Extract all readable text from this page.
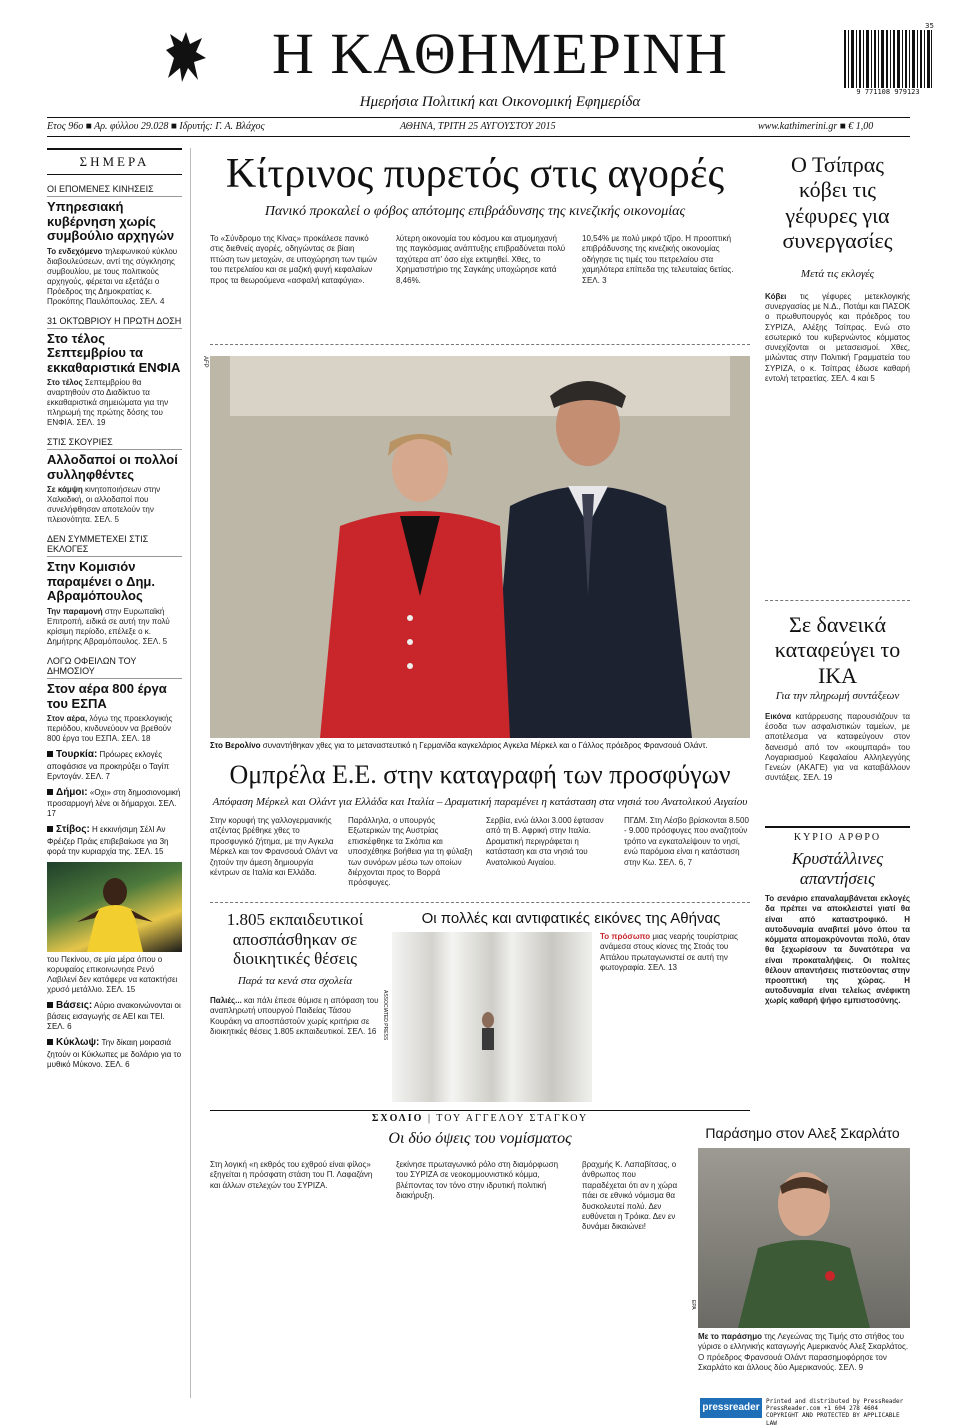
Η ΚΑΘΗΜΕΡΙΝΗ
Ημερήσια Πολιτική και Οικονομική Εφημερίδα
35
9 771108 979123
Ετος 96ο ■ Αρ. φύλλου 29.028 ■ Ιδρυτής: Γ. Α. Βλάχος	ΑΘΗΝΑ, ΤΡΙΤΗ 25 ΑΥΓΟΥΣΤΟΥ 2015	www.kathimerini.gr ■ € 1,00
ΣΗΜΕΡΑ
ΟΙ ΕΠΟΜΕΝΕΣ ΚΙΝΗΣΕΙΣ
Υπηρεσιακή κυβέρνηση χωρίς συμβούλιο αρχηγών
Το ενδεχόμενο τηλεφωνικού κύκλου διαβουλεύσεων, αντί της σύγκλησης συμβουλίου, με τους πολιτικούς αρχηγούς, φέρεται να εξετάζει ο Πρόεδρος της Δημοκρατίας κ. Προκόπης Παυλόπουλος. ΣΕΛ. 4
31 ΟΚΤΩΒΡΙΟΥ Η ΠΡΩΤΗ ΔΟΣΗ
Στο τέλος Σεπτεμβρίου τα εκκαθαριστικά ΕΝΦΙΑ
Στο τέλος Σεπτεμβρίου θα αναρτηθούν στο Διαδίκτυο τα εκκαθαριστικά σημειώματα για την πληρωμή της πρώτης δόσης του ΕΝΦΙΑ. ΣΕΛ. 19
ΣΤΙΣ ΣΚΟΥΡΙΕΣ
Αλλοδαποί οι πολλοί συλληφθέντες
Σε κάμψη κινητοποιήσεων στην Χαλκιδική, οι αλλοδαποί που συνελήφθησαν αποτελούν την πλειονότητα. ΣΕΛ. 5
ΔΕΝ ΣΥΜΜΕΤΕΧΕΙ ΣΤΙΣ ΕΚΛΟΓΕΣ
Στην Κομισιόν παραμένει ο Δημ. Αβραμόπουλος
Την παραμονή στην Ευρωπαϊκή Επιτροπή, ειδικά σε αυτή την πολύ κρίσιμη περίοδο, επέλεξε ο κ. Δημήτρης Αβραμόπουλος. ΣΕΛ. 5
ΛΟΓΩ ΟΦΕΙΛΩΝ ΤΟΥ ΔΗΜΟΣΙΟΥ
Στον αέρα 800 έργα του ΕΣΠΑ
Στον αέρα, λόγω της προεκλογικής περιόδου, κινδυνεύουν να βρεθούν 800 έργα του ΕΣΠΑ. ΣΕΛ. 18
Τουρκία: Πρόωρες εκλογές αποφάσισε να προκηρύξει ο Ταγίπ Ερντογάν. ΣΕΛ. 7
Δήμοι: «Οχι» στη δημοσιονομική προσαρμογή λένε οι δήμαρχοι. ΣΕΛ. 17
Στίβος: Η εκκινήσιμη ΣέλΙ Αν Φρέιζερ Πράις επιβεβαίωσε για 3η φορά την κυριαρχία της. ΣΕΛ. 15
του Πεκίνου, σε μία μέρα όπου ο κορυφαίος επικοινωνησε Ρενό Λαβιλενί δεν κατάφερε να κατακτήσει χρυσό μετάλλιο. ΣΕΛ. 15
Βάσεις: Αύριο ανακοινώνονται οι βάσεις εισαγωγής σε ΑΕΙ και ΤΕΙ. ΣΕΛ. 6
Κύκλωψ: Την δίκαιη μοιρασιά ζητούν οι Κύκλωπες με δολάριο για το μυθικό Μύκονο. ΣΕΛ. 6
Κίτρινος πυρετός στις αγορές
Πανικό προκαλεί ο φόβος απότομης επιβράδυνσης της κινεζικής οικονομίας
Το «Σύνδρομο της Κίνας» προκάλεσε πανικό στις διεθνείς αγορές, οδηγώντας σε βίαιη πτώση των μετοχών, σε υποχώρηση των τιμών του πετρελαίου και σε μαζική φυγή κεφαλαίων προς τα θεωρούμενα «ασφαλή καταφύγια».
λύτερη οικονομία του κόσμου και ατμομηχανή της παγκόσμιας ανάπτυξης επιβραδύνεται πολύ ταχύτερα απ' όσο είχε εκτιμηθεί. Χθες, το Χρηματιστήριο της Σαγκάης υποχώρησε κατά 8,46%.
10,54% με πολύ μικρό τζίρο. Η προοπτική επιβράδυνσης της κινεζικής οικονομίας οδήγησε τις τιμές του πετρελαίου στα χαμηλότερα επίπεδα της τελευταίας 6ετίας. ΣΕΛ. 3
AFP
Στο Βερολίνο συναντήθηκαν χθες για το μεταναστευτικό η Γερμανίδα καγκελάριος Αγκελα Μέρκελ και ο Γάλλος πρόεδρος Φρανσουά Ολάντ.
Ομπρέλα Ε.Ε. στην καταγραφή των προσφύγων
Απόφαση Μέρκελ και Ολάντ για Ελλάδα και Ιταλία – Δραματική παραμένει η κατάσταση στα νησιά του Ανατολικού Αιγαίου
Στην κορυφή της γαλλογερμανικής ατζέντας βρέθηκε χθες το προσφυγικό ζήτημα, με την Αγκελα Μέρκελ και τον Φρανσουά Ολάντ να ζητούν την άμεση δημιουργία κέντρων σε Ιταλία και Ελλάδα.
Παράλληλα, ο υπουργός Εξωτερικών της Αυστρίας επισκέφθηκε τα Σκόπια και υποσχέθηκε βοήθεια για τη φύλαξη των συνόρων μέσω των οποίων διέρχονται προς το Βορρά πρόσφυγες.
Σερβία, ενώ άλλοι 3.000 έφτασαν από τη Β. Αφρική στην Ιταλία. Δραματική περιγράφεται η κατάσταση και στα νησιά του Ανατολικού Αιγαίου.
ΠΓΔΜ. Στη Λέσβο βρίσκονται 8.500 - 9.000 πρόσφυγες που αναζητούν τρόπο να εγκαταλείψουν το νησί, ενώ παρόμοια είναι η κατάσταση στην Κω. ΣΕΛ. 6, 7
1.805 εκπαιδευτικοί αποσπάσθηκαν σε διοικητικές θέσεις
Παρά τα κενά στα σχολεία
Παλιές... και πάλι έπεσε θύμισε η απόφαση του αναπληρωτή υπουργού Παιδείας Τάσου Κουράκη να αποσπάστούν χωρίς κριτήρια σε διοικητικές θέσεις 1.805 εκπαιδευτικοί. ΣΕΛ. 16
Οι πολλές και αντιφατικές εικόνες της Αθήνας
ASSOCIATED PRESS
Το πρόσωπο μιας νεαρής τουρίστριας ανάμεσα στους κίονες της Στοάς του Αττάλου πρωταγωνιστεί σε αυτή την φωτογραφία. ΣΕΛ. 13
ΣΧΟΛΙΟ | ΤΟΥ ΑΓΓΕΛΟΥ ΣΤΑΓΚΟΥ
Οι δύο όψεις του νομίσματος
Στη λογική «η εκθρός του εχθρού είναι φίλος» εξηγείται η πρόσφατη στάση του Π. Λαφαζάνη και άλλων στελεχών του ΣΥΡΙΖΑ.
ξεκίνησε πρωταγωνικό ρόλο στη διαμόρφωση του ΣΥΡΙΖΑ σε νεοκομμουνιστικό κόμμα, βλέποντας τον τόνο στην ιδρυτική πολιτική διακήρυξη.
βραχμής Κ. Λαπαβίτσας, ο άνθρωπος που παραδέχεται ότι αν η χώρα πάει σε εθνικό νόμισμα θα δυσκολευτεί πολύ. Δεν ευθύνεται η Τρόικα. Δεν εν δυνάμει δικαιώνει!
Ο Τσίπρας κόβει τις γέφυρες για συνεργασίες
Μετά τις εκλογές
Κόβει τις γέφυρες μετεκλογικής συνεργασίας με Ν.Δ., Ποτάμι και ΠΑΣΟΚ ο πρωθυπουργός και πρόεδρος του ΣΥΡΙΖΑ, Αλέξης Τσίπρας. Ενώ στο εσωτερικό του κυβερνώντος κόμματος συνεχίζονται οι μετασεισμοί. Χθες, μιλώντας στην Πολιτική Γραμματεία του ΣΥΡΙΖΑ, ο κ. Τσίπρας έδωσε καθαρή εντολή τετραετίας. ΣΕΛ. 4 και 5
Σε δανεικά καταφεύγει το ΙΚΑ
Για την πληρωμή συντάξεων
Εικόνα κατάρρευσης παρουσιάζουν τα έσοδα των ασφαλιστικών ταμείων, με αποτέλεσμα να καταφεύγουν στον δανεισμό από τον «κουμπαρά» του Λογαριασμού Κεφαλαίου Αλληλεγγύης Γενεών (ΑΚΑΓΕ) για να καταβάλλουν συντάξεις. ΣΕΛ. 19
ΚΥΡΙΟ ΑΡΘΡΟ
Κρυστάλλινες απαντήσεις
Το σενάριο επαναλαμβάνεται εκλογές δα πρέπει να αποκλειστεί γιατί θα είναι από καταστροφικό. Η αυτοδυναμία αναβιτεί μόνο όπου τα κόμματα απομακρύνονται πολύ, όταν θα ξεχωρίσουν τα δυνατότερα να είναι προκαταλήψεις. Οι πολίτες θέλουν απαντήσεις πιστεύοντας στην προοπτική της χώρας. Η αυτοδυναμία είναι τελείως ανέφικτη χωρίς καθαρή ψήφο εμπιστοσύνης.
Παράσημο στον Αλεξ Σκαρλάτο
EPA
Με το παράσημο της Λεγεώνας της Τιμής στο στήθος του γύρισε ο ελληνικής καταγωγής Αμερικανός Αλεξ Σκαρλάτος. Ο πρόεδρος Φρανσουά Ολάντ παρασημοφόρησε τον Σκαρλάτο και άλλους δύο Αμερικανούς. ΣΕΛ. 9
pressreader
Printed and distributed by PressReader
PressReader.com +1 604 278 4604
COPYRIGHT AND PROTECTED BY APPLICABLE LAW
